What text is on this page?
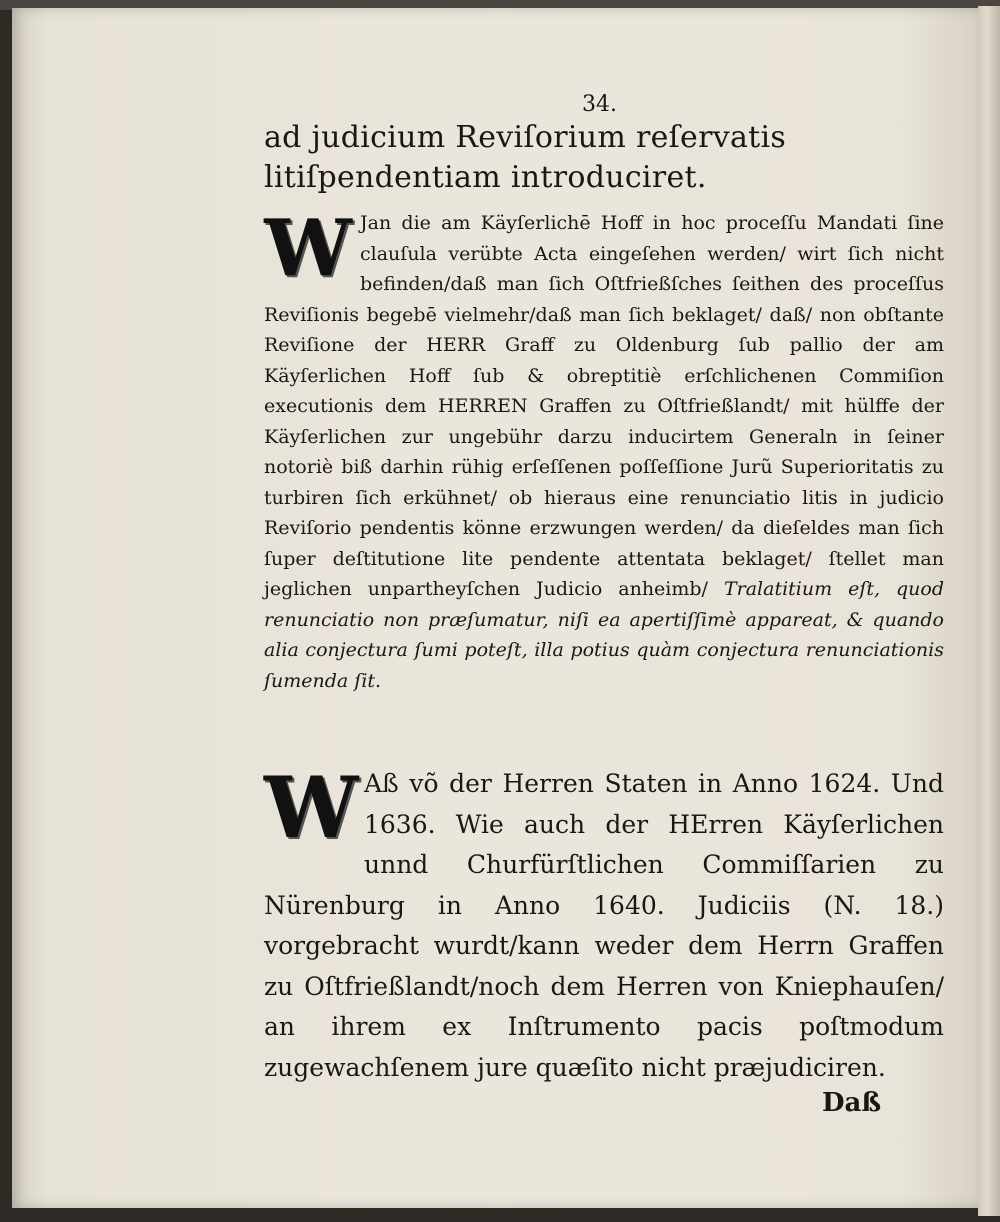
34.
ad judicium Reviſorium reſervatis litiſpendentiam introduciret.
W Jan die am Käyſerlichē Hoff in hoc proceſſu Mandati ſine clauſula verübte Acta eingeſehen werden/ wirt ſich nicht befinden/daß man ſich Oſtfrießſches ſeithen des proceſſus Reviſionis begebē vielmehr/daß man ſich beklaget/ daß/ non obſtante Reviſione der HERR Graff zu Oldenburg ſub pallio der am Käyſerlichen Hoff ſub & obreptitiè erſchlichenen Commiſion executionis dem HERREN Graffen zu Oſtfrießlandt/ mit hülffe der Käyſerlichen zur ungebühr darzu inducirtem Generaln in ſeiner notoriè biß darhin rühig erſeſſenen poſſeſſione Jurũ Superioritatis zu turbiren ſich erkühnet/ ob hieraus eine renunciatio litis in judicio Reviſorio pendentis könne erzwungen werden/ da dieſeldes man ſich ſuper deſtitutione lite pendente attentata beklaget/ ſtellet man jeglichen unpartheyſchen Judicio anheimb/ Tralatitium eſt, quod renunciatio non præſumatur, niſi ea apertiſſimè appareat, & quando alia conjectura ſumi poteſt, illa potius quàm conjectura renunciationis ſumenda ſit.
W Aß võ der Herren Staten in Anno 1624. Und 1636. Wie auch der HErren Käyſerlichen unnd Churfürſtlichen Commiſſarien zu Nürenburg in Anno 1640. Judiciis (N. 18.) vorgebracht wurdt/kann weder dem Herrn Graffen zu Oſtfrießlandt/noch dem Herren von Kniephauſen/ an ihrem ex Inſtrumento pacis poſtmodum zugewachſenem jure quæſito nicht præjudiciren.
Daß
